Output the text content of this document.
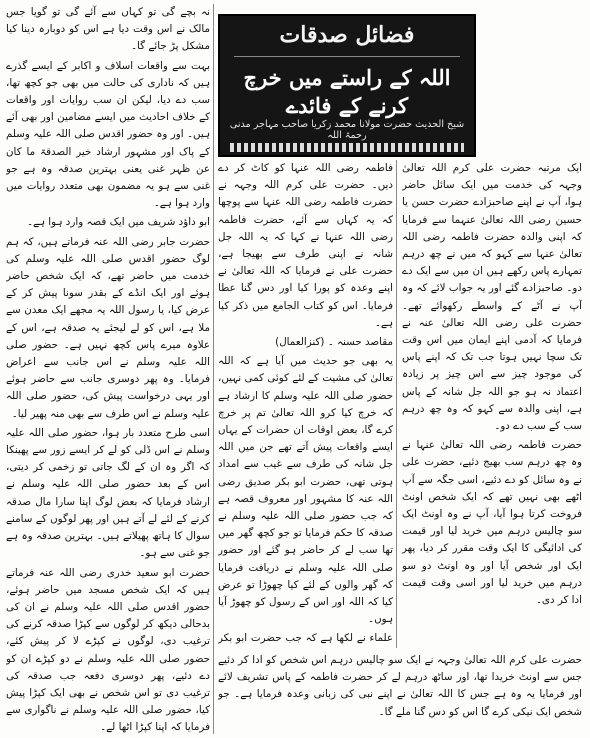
نہ بچے گی تو کہاں سے آئے گی تو گویا جس مالک نے اس وقت دیا ہے اس کو دوبارہ دینا کیا مشکل پڑ جائے گا۔

بہت سے واقعات اسلاف و اکابر کے ایسے گذرے ہیں کہ ناداری کی حالت میں بھی جو کچھ تھا، سب دے دیا، لیکن ان سب روایات اور واقعات کے خلاف احادیث میں ایسے مضامین اور بھی آئے ہیں۔ اور وہ حضور اقدس صلی اللہ علیہ وسلم کے پاک اور مشہور ارشاد خیر الصدقۃ ما کان عن ظہر غنی یعنی بہترین صدقہ وہ ہے جو غنی سے ہو یہ مضمون بھی متعدد روایات میں وارد ہوا ہے۔

ابو داؤد شریف میں ایک قصہ وارد ہوا ہے۔

حضرت جابر رضی اللہ عنہ فرماتے ہیں، کہ ہم لوگ حضور اقدس صلی اللہ علیہ وسلم کی خدمت میں حاضر تھے، کہ ایک شخص حاضر ہوئے اور ایک انڈے کے بقدر سونا پیش کر کے عرض کیا، یا رسول اللہ یہ مجھے ایک معدن سے ملا ہے، اس کو لے لیجئے یہ صدقہ ہے، اس کے علاوہ میرے پاس کچھ نہیں ہے۔ حضور صلی اللہ علیہ وسلم نے اس جانب سے اعراض فرمایا۔ وہ پھر دوسری جانب سے حاضر ہوئے اور یہی درخواست پیش کی، حضور صلی اللہ علیہ وسلم نے اس طرف سے بھی منہ پھیر لیا۔

اسی طرح متعدد بار ہوا، حضور صلی اللہ علیہ وسلم نے اس ڈلی کو لے کر ایسے زور سے پھینکا کہ اگر وہ ان کے لگ جاتی تو زخمی کر دیتی، اس کے بعد حضور صلی اللہ علیہ وسلم نے ارشاد فرمایا کہ بعض لوگ اپنا سارا مال صدقہ کرنے کے لئے لے آتے ہیں اور پھر لوگوں کے سامنے سوال کا ہاتھ پھیلاتے ہیں۔ بہترین صدقہ وہ ہے جو غنی سے ہو۔

حضرت ابو سعید خدری رضی اللہ عنہ فرماتے ہیں کہ ایک شخص مسجد میں حاضر ہوئے، حضور اقدس صلی اللہ علیہ وسلم نے ان کی بدحالی دیکھ کر لوگوں سے کپڑا صدقہ کرنے کی ترغیب دی، لوگوں نے کپڑے لا کر پیش کئے، حضور صلی اللہ علیہ وسلم نے دو کپڑے ان کو دے دئیے، پھر دوسری دفعہ جب صدقہ کی ترغیب دی تو اس شخص نے بھی ایک کپڑا پیش کیا، حضور صلی اللہ علیہ وسلم نے ناگواری سے فرمایا کہ اپنا کپڑا اٹھا لے۔

فضائل صدقات
اللہ کے راستے میں خرچ کرنے کے فائدے
شیخ الحدیث حضرت مولانا محمد زکریا صاحب مہاجر مدنی رحمۃ اللہ

فاطمہ رضی اللہ عنہا کو کاٹ کر دے دیں۔ حضرت علی کرم اللہ وجہہ نے حضرت فاطمہ رضی اللہ عنہا سے پوچھا کہ یہ کہاں سے آئے، حضرت فاطمہ رضی اللہ عنہا نے کہا کہ یہ اللہ جل شانہ نے اپنی طرف سے بھیجا ہے، حضرت علی نے فرمایا کہ اللہ تعالیٰ نے اپنے وعدہ کو پورا کیا اور دس گنا عطا فرمایا۔ اس کو کتاب الجامع میں ذکر کیا ہے۔

مقاصد حسنہ ۔ (کنزالعمال)

یہ بھی جو حدیث میں آیا ہے کہ اللہ تعالیٰ کی مشیت کے لئے کوئی کمی نہیں، حضور صلی اللہ علیہ وسلم کا ارشاد ہے کہ خرچ کیا کرو اللہ تعالیٰ تم پر خرچ کرے گا، بعض اوقات ان حضرات کے یہاں ایسے واقعات پیش آتے تھے جن میں اللہ جل شانہ کی طرف سے غیب سے امداد ہوتی تھی، حضرت ابو بکر صدیق رضی اللہ عنہ کا مشہور اور معروف قصہ ہے کہ جب حضور صلی اللہ علیہ وسلم نے صدقہ کا حکم فرمایا تو جو کچھ گھر میں تھا سب لے کر حاضر ہو گئے اور حضور صلی اللہ علیہ وسلم نے دریافت فرمایا کہ گھر والوں کے لئے کیا چھوڑا تو عرض کیا کہ اللہ اور اس کے رسول کو چھوڑ آیا ہوں۔

علماء نے لکھا ہے کہ جب حضرت ابو بکر

ایک مرتبہ حضرت علی کرم اللہ تعالیٰ وجہہ کی خدمت میں ایک سائل حاضر ہوا، آپ نے اپنے صاحبزادے حضرت حسن یا حسین رضی اللہ تعالیٰ عنہما سے فرمایا کہ اپنی والدہ حضرت فاطمہ رضی اللہ تعالیٰ عنہا سے کہو کہ میں نے چھ درہم تمہارے پاس رکھے ہیں ان میں سے ایک دے دو۔ صاحبزادے گئے اور یہ جواب لائے کہ وہ آپ نے آٹے کے واسطے رکھوائے تھے۔ حضرت علی رضی اللہ تعالیٰ عنہ نے فرمایا کہ آدمی اپنے ایمان میں اس وقت تک سچا نہیں ہوتا جب تک کہ اپنے پاس کی موجود چیز سے اس چیز پر زیادہ اعتماد نہ ہو جو اللہ جل شانہ کے پاس ہے، اپنی والدہ سے کہو کہ وہ چھ درہم سب کے سب دے دو۔

حضرت فاطمہ رضی اللہ تعالیٰ عنہا نے وہ چھ درہم سب بھیج دئیے، حضرت علی نے وہ سائل کو دے دئیے، اسی جگہ سے آپ اٹھے بھی نہیں تھے کہ ایک شخص اونٹ فروخت کرتا ہوا آیا، آپ نے وہ اونٹ ایک سو چالیس درہم میں خرید لیا اور قیمت کی ادائیگی کا ایک وقت مقرر کر دیا، پھر ایک اور شخص آیا اور وہ اونٹ دو سو درہم میں خرید لیا اور اسی وقت قیمت ادا کر دی۔

حضرت علی کرم اللہ تعالیٰ وجہہ نے ایک سو چالیس درہم اس شخص کو ادا کر دئیے جس سے اونٹ خریدا تھا، اور ساٹھ درہم لے کر حضرت فاطمہ کے پاس تشریف لائے اور فرمایا یہ وہ ہے جس کا اللہ تعالیٰ نے اپنے نبی کی زبانی وعدہ فرمایا ہے۔ جو شخص ایک نیکی کرے گا اس کو دس گنا ملے گا۔
